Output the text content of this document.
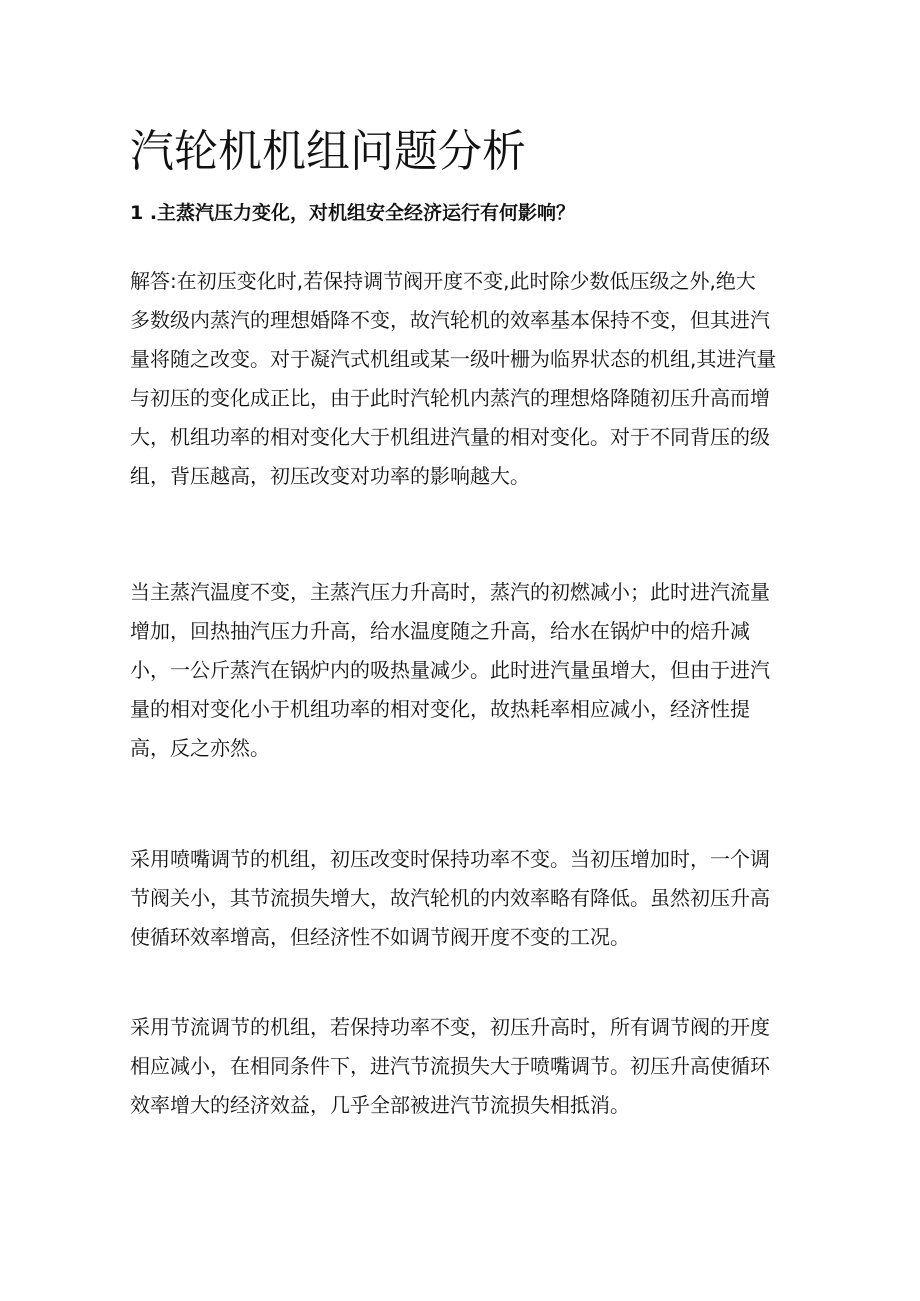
汽轮机机组问题分析

1 .主蒸汽压力变化，对机组安全经济运行有何影响？

解答:在初压变化时,若保持调节阀开度不变,此时除少数低压级之外,绝大
多数级内蒸汽的理想婚降不变，故汽轮机的效率基本保持不变，但其进汽
量将随之改变。对于凝汽式机组或某一级叶栅为临界状态的机组,其进汽量
与初压的变化成正比，由于此时汽轮机内蒸汽的理想烙降随初压升高而增
大，机组功率的相对变化大于机组进汽量的相对变化。对于不同背压的级
组，背压越高，初压改变对功率的影响越大。
当主蒸汽温度不变，主蒸汽压力升高时，蒸汽的初燃减小；此时进汽流量
增加，回热抽汽压力升高，给水温度随之升高，给水在锅炉中的焙升减
小，一公斤蒸汽在锅炉内的吸热量减少。此时进汽量虽增大，但由于进汽
量的相对变化小于机组功率的相对变化，故热耗率相应减小，经济性提
高，反之亦然。
采用喷嘴调节的机组，初压改变时保持功率不变。当初压增加时，一个调
节阀关小，其节流损失增大，故汽轮机的内效率略有降低。虽然初压升高
使循环效率增高，但经济性不如调节阀开度不变的工况。
采用节流调节的机组，若保持功率不变，初压升高时，所有调节阀的开度
相应减小，在相同条件下，进汽节流损失大于喷嘴调节。初压升高使循环
效率增大的经济效益，几乎全部被进汽节流损失相抵消。
